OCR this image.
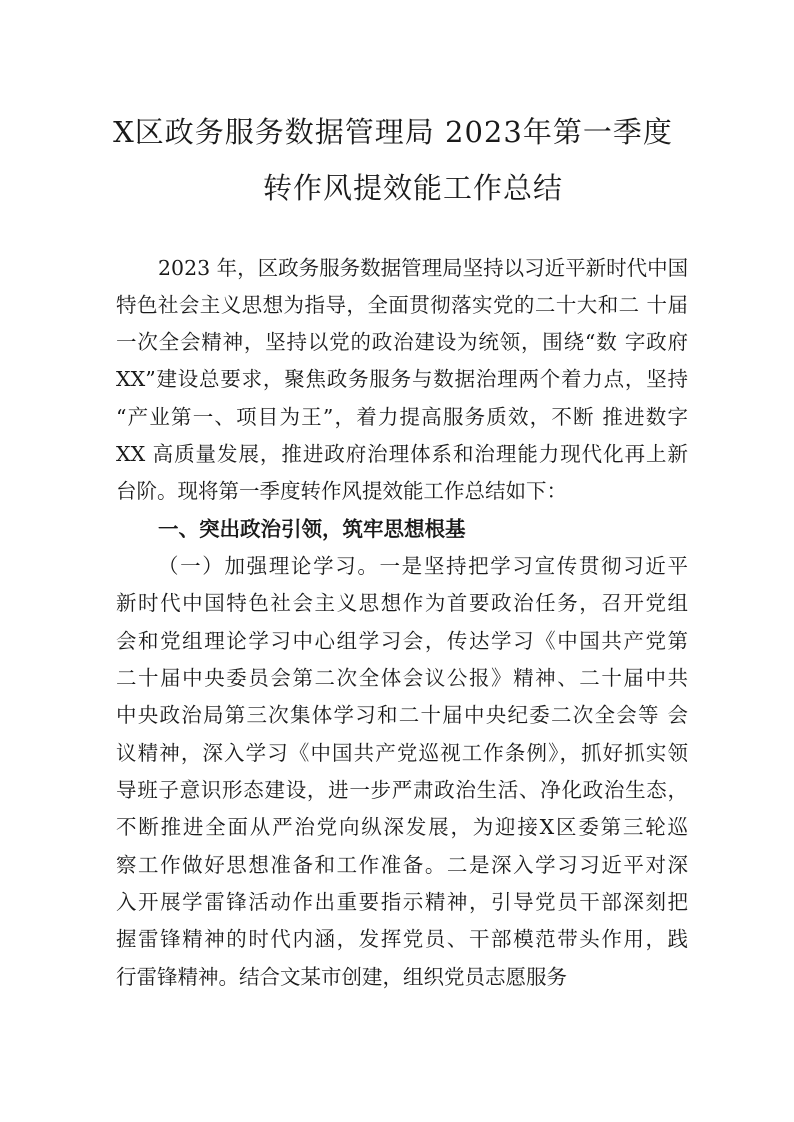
X区政务服务数据管理局 2023年第一季度
转作风提效能工作总结
2023 年，区政务服务数据管理局坚持以习近平新时代中国
特色社会主义思想为指导，全面贯彻落实党的二十大和二 十届
一次全会精神，坚持以党的政治建设为统领，围绕“数 字政府
XX”建设总要求，聚焦政务服务与数据治理两个着力点，坚持
“产业第一、项目为王”，着力提高服务质效，不断 推进数字
XX 高质量发展，推进政府治理体系和治理能力现代化再上新
台阶。现将第一季度转作风提效能工作总结如下：
一、突出政治引领，筑牢思想根基
（一）加强理论学习。一是坚持把学习宣传贯彻习近平
新时代中国特色社会主义思想作为首要政治任务，召开党组
会和党组理论学习中心组学习会，传达学习《中国共产党第
二十届中央委员会第二次全体会议公报》精神、二十届中共
中央政治局第三次集体学习和二十届中央纪委二次全会等 会
议精神，深入学习《中国共产党巡视工作条例》，抓好抓实领
导班子意识形态建设，进一步严肃政治生活、净化政治生态，
不断推进全面从严治党向纵深发展，为迎接X区委第三轮巡
察工作做好思想准备和工作准备。二是深入学习习近平对深
入开展学雷锋活动作出重要指示精神，引导党员干部深刻把
握雷锋精神的时代内涵，发挥党员、干部模范带头作用，践
行雷锋精神。结合文某市创建，组织党员志愿服务
